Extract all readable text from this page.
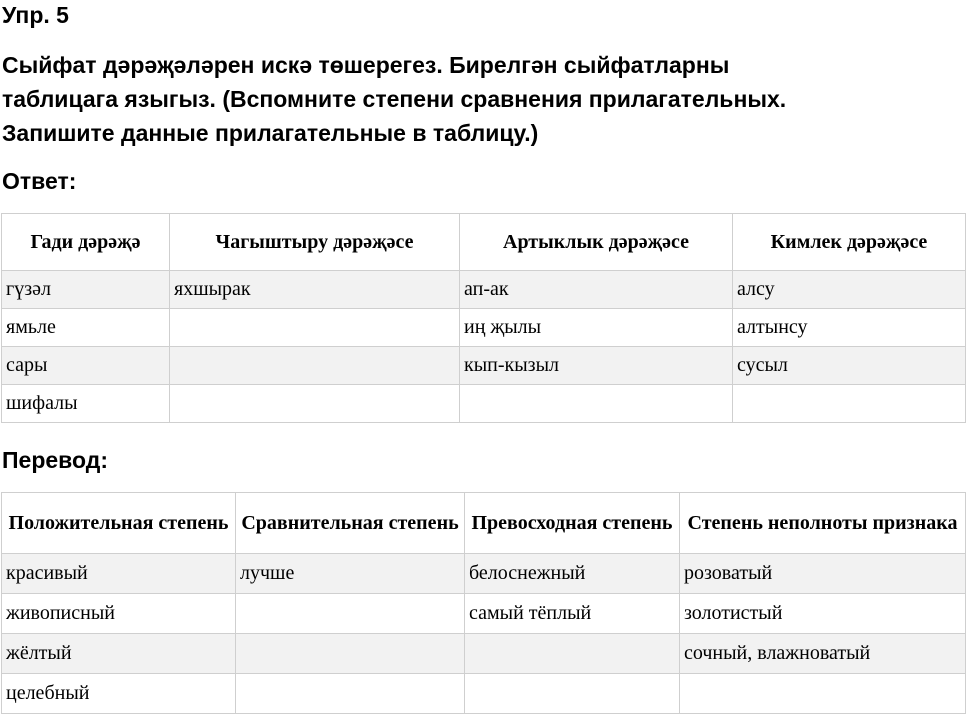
Упр. 5

Сыйфат дәрәҗәләрен искә төшерегез. Бирелгән сыйфатларны
таблицага языгыз. (Вспомните степени сравнения прилагательных.
Запишите данные прилагательные в таблицу.)

Ответ:
Гади дәрәҗә	Чагыштыру дәрәҗәсе	Артыклык дәрәҗәсе	Кимлек дәрәҗәсе
гүзәл	яхшырак	ап-ак	алсу
ямьле		иң җылы	алтынсу
сары		кып-кызыл	сусыл
шифалы			
Перевод:
Положительная степень	Сравнительная степень	Превосходная степень	Степень неполноты признака
красивый	лучше	белоснежный	розоватый
живописный		самый тёплый	золотистый
жёлтый			сочный, влажноватый
целебный			
